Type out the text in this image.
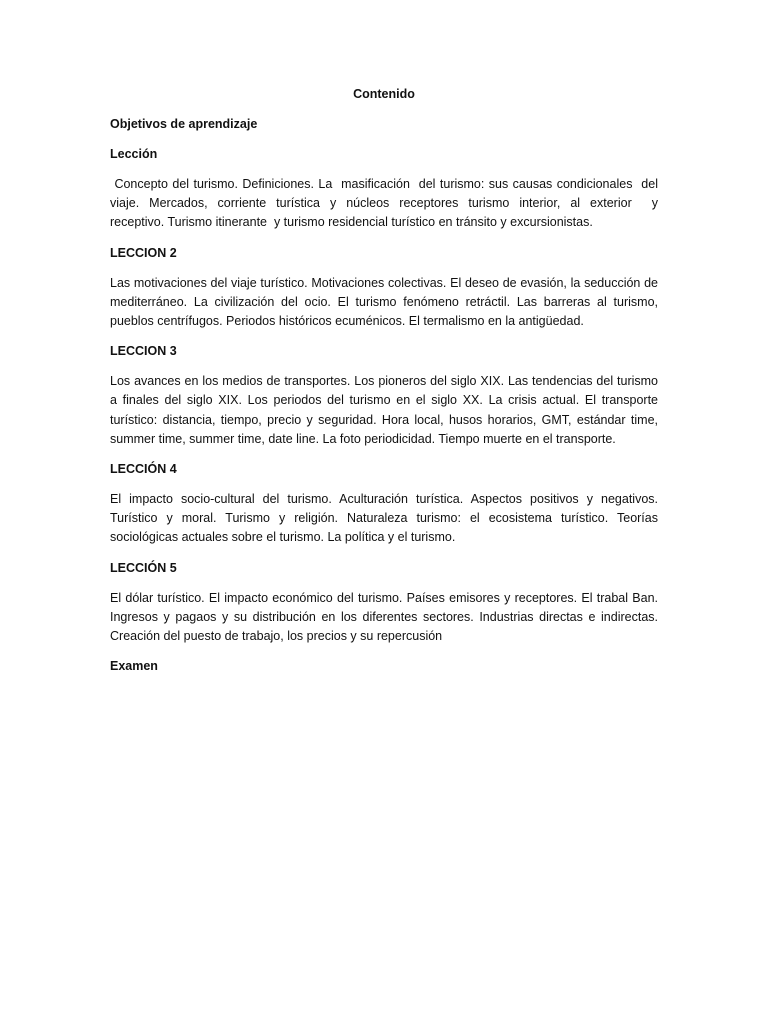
Contenido
Objetivos de aprendizaje
Lección
Concepto del turismo. Definiciones. La  masificación  del turismo: sus causas condicionales  del viaje.  Mercados,  corriente  turística  y  núcleos  receptores  turismo  interior,  al  exterior    y  receptivo. Turismo itinerante  y turismo residencial turístico en tránsito y excursionistas.
LECCION 2
Las motivaciones del viaje turístico. Motivaciones colectivas. El deseo de evasión, la seducción de mediterráneo. La civilización del ocio. El turismo fenómeno retráctil. Las barreras al turismo, pueblos centrífugos. Periodos históricos ecuménicos. El termalismo en la antigüedad.
LECCION 3
Los avances en los medios de transportes. Los pioneros del siglo XIX. Las tendencias del turismo a finales del siglo XIX. Los periodos del turismo en el siglo XX. La crisis actual. El transporte turístico: distancia, tiempo, precio y seguridad. Hora local, husos horarios, GMT, estándar time, summer time, summer time, date line. La foto periodicidad. Tiempo muerte en el transporte.
LECCIÓN 4
El impacto socio-cultural del turismo. Aculturación turística. Aspectos positivos y negativos. Turístico y moral. Turismo y religión. Naturaleza turismo: el ecosistema turístico. Teorías sociológicas actuales sobre el turismo. La política y el turismo.
LECCIÓN 5
El dólar turístico. El impacto económico del turismo. Países emisores y receptores. El trabal Ban. Ingresos y pagaos y su distribución en los diferentes sectores. Industrias directas e indirectas. Creación del puesto de trabajo, los precios y su repercusión
Examen
